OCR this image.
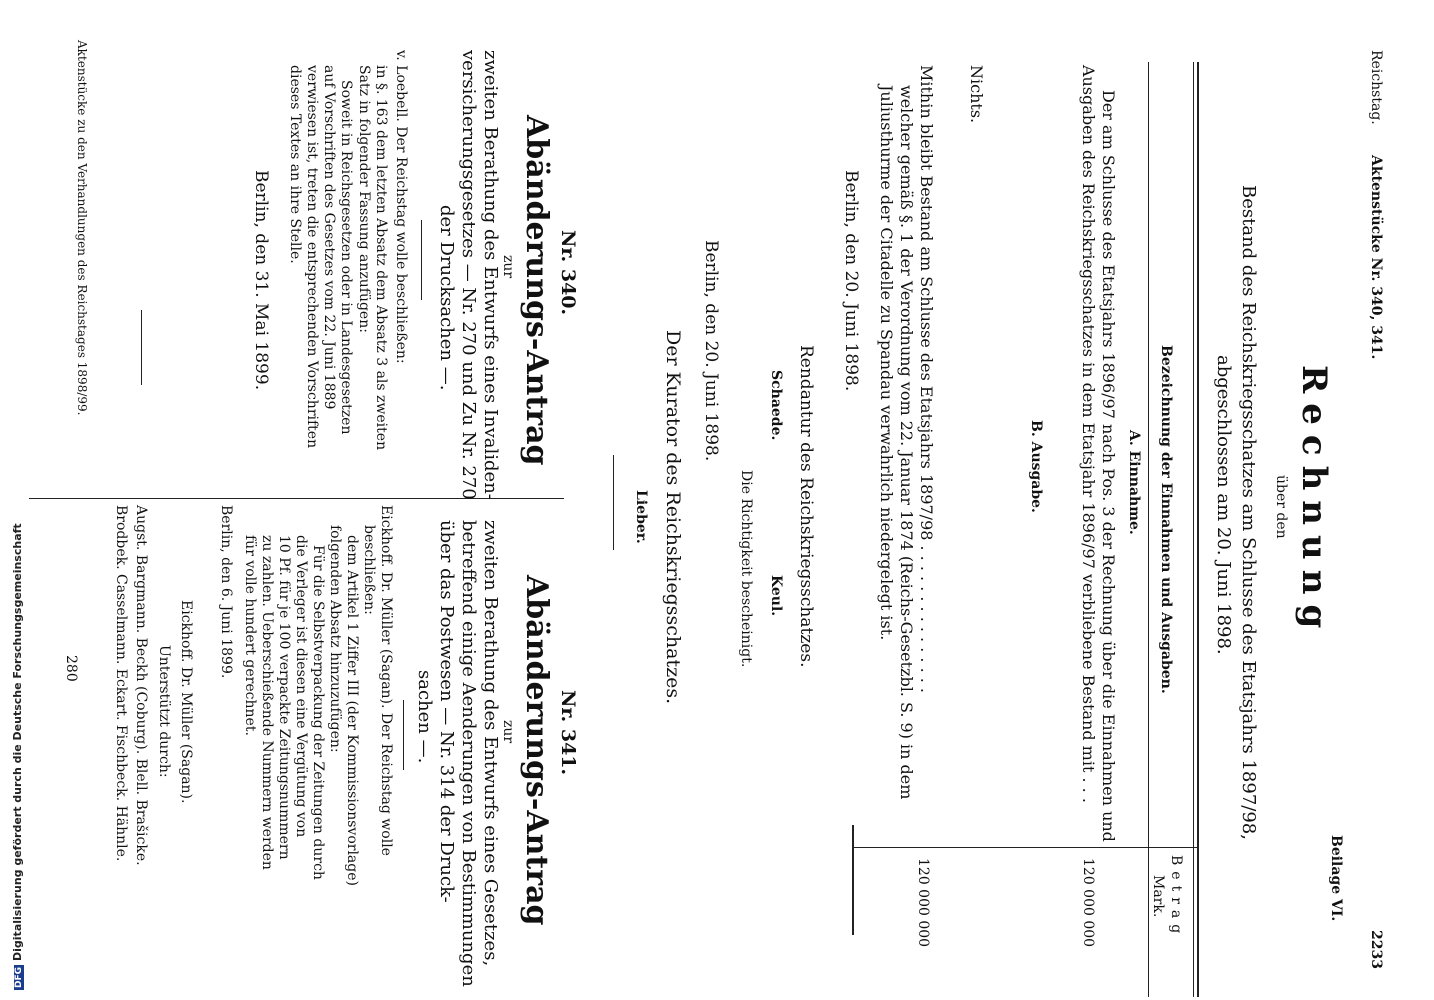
Reichstag.
Aktenstücke Nr. 340, 341.
2233
Beilage VI.
Rechnung
über den
Bestand des Reichskriegsschatzes am Schlusse des Etatsjahrs 1897/98,
abgeschlossen am 20. Juni 1898.
Bezeichnung der Einnahmen und Ausgaben.
Betrag
Mark.
A. Einnahme.
Der am Schlusse des Etatsjahrs 1896/97 nach Pos. 3 der Rechnung über die Einnahmen und
Ausgaben des Reichskriegsschatzes in dem Etatsjahr 1896/97 verbliebene Bestand mit . . .
120 000 000
B. Ausgabe.
Nichts.
Mithin bleibt Bestand am Schlusse des Etatsjahrs 1897/98 . . . . . . . . . . . . . . .
120 000 000
welcher gemäß §. 1 der Verordnung vom 22. Januar 1874 (Reichs-Gesetzbl. S. 9) in dem
Juliusthurme der Citadelle zu Spandau verwahrlich niedergelegt ist.
Berlin, den 20. Juni 1898.
Rendantur des Reichskriegsschatzes.
Schaede.
Keul.
Die Richtigkeit bescheinigt.
Berlin, den 20. Juni 1898.
Der Kurator des Reichskriegsschatzes.
Lieber.
Nr. 340.
Abänderungs-Antrag
zur
zweiten Berathung des Entwurfs eines Invaliden-
versicherungsgesetzes — Nr. 270 und Zu Nr. 270
der Drucksachen —.
v. Loebell. Der Reichstag wolle beschließen:
in §. 163 dem letzten Absatz dem Absatz 3 als zweiten
Satz in folgender Fassung anzufügen:
Soweit in Reichsgesetzen oder in Landesgesetzen
auf Vorschriften des Gesetzes vom 22. Juni 1889
verwiesen ist, treten die entsprechenden Vorschriften
dieses Textes an ihre Stelle.
Berlin, den 31. Mai 1899.
Nr. 341.
Abänderungs-Antrag
zur
zweiten Berathung des Entwurfs eines Gesetzes,
betreffend einige Aenderungen von Bestimmungen
über das Postwesen — Nr. 314 der Druck-
sachen —.
Eickhoff. Dr. Müller (Sagan). Der Reichstag wolle
beschließen:
dem Artikel 1 Ziffer III (der Kommissionsvorlage)
folgenden Absatz hinzuzufügen:
Für die Selbstverpackung der Zeitungen durch
die Verleger ist diesen eine Vergütung von
10 Pf. für je 100 verpackte Zeitungsnummern
zu zahlen. Ueberschießende Nummern werden
für volle hundert gerechnet.
Berlin, den 6. Juni 1899.
Eickhoff. Dr. Müller (Sagan).
Unterstützt durch:
Augst. Bargmann. Beckh (Coburg). Blell. Brašicke.
Brodbek. Casselmann. Eckart. Fischbeck. Hähnle.
Aktenstücke zu den Verhandlungen des Reichstages 1898/99.
280
DFGDigitalisierung gefördert durch die Deutsche Forschungsgemeinschaft
